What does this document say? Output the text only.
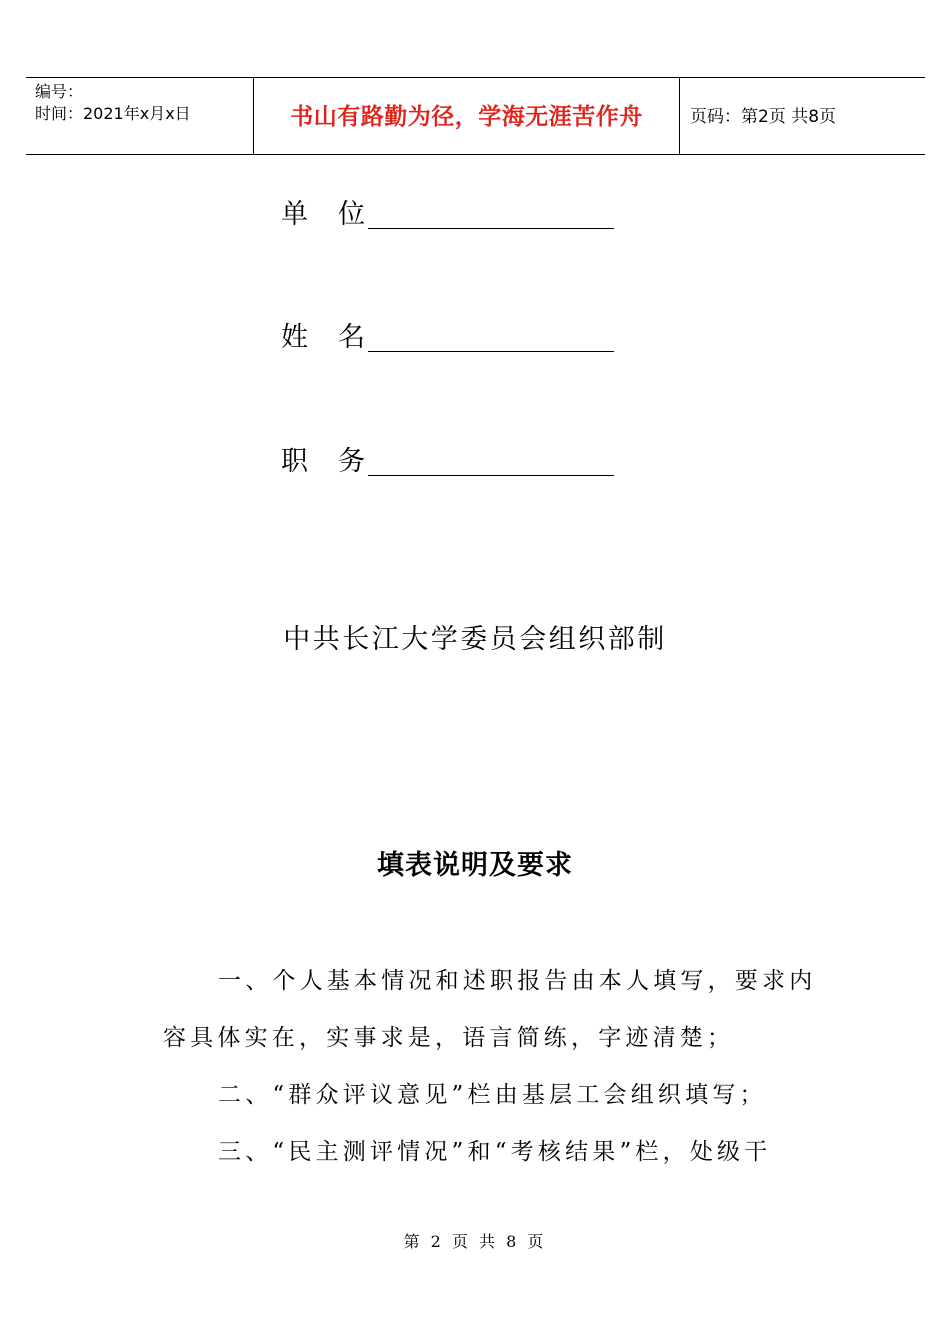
编号：
时间：2021年x月x日	书山有路勤为径，学海无涯苦作舟	页码：第2页 共8页
单位
姓名
职务
中共长江大学委员会组织部制
填表说明及要求
一、个人基本情况和述职报告由本人填写，要求内
容具体实在，实事求是，语言简练，字迹清楚；
二、“群众评议意见”栏由基层工会组织填写；
三、“民主测评情况”和“考核结果”栏，处级干
第 2 页 共 8 页
